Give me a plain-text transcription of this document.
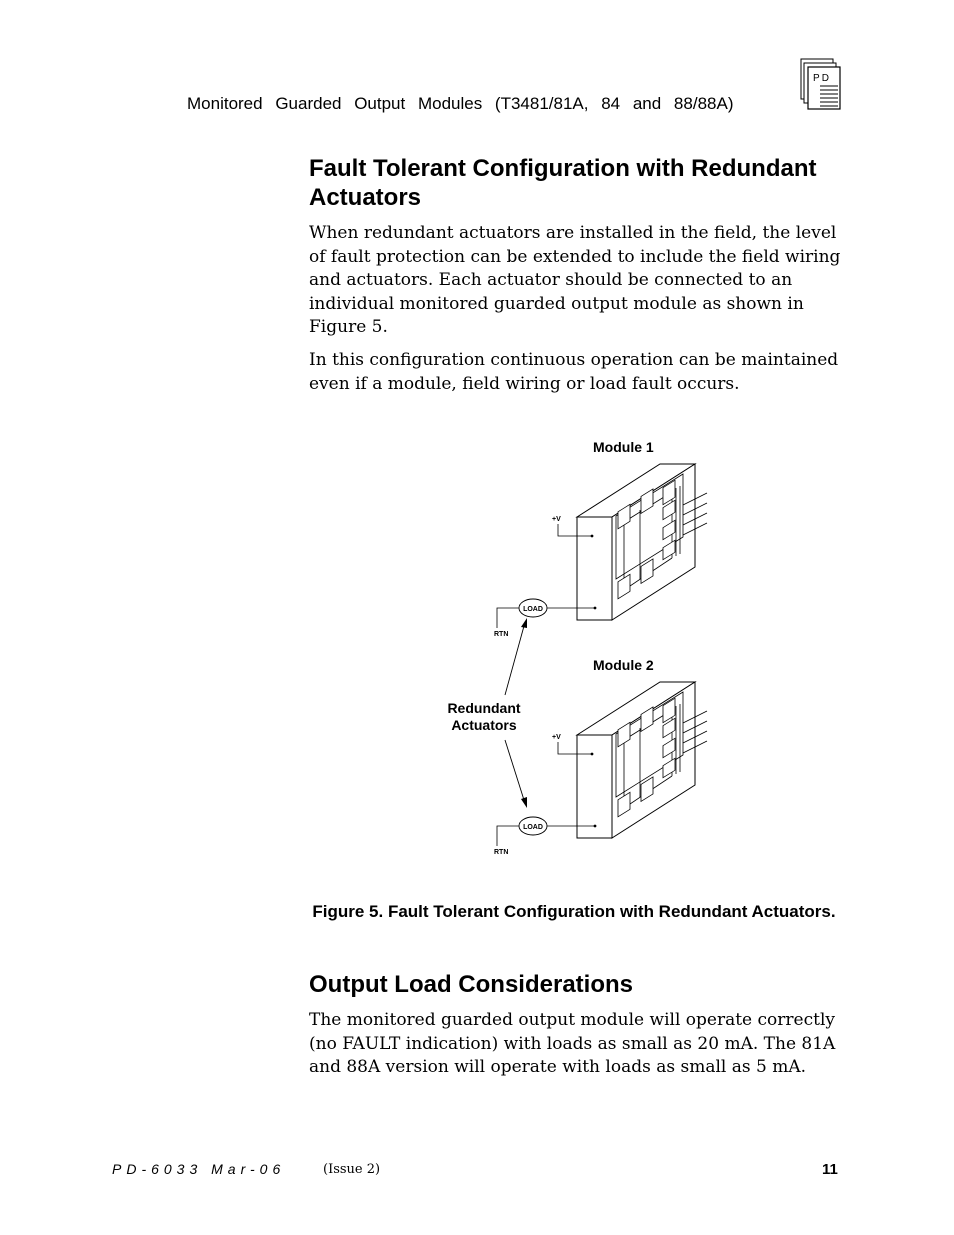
Monitored Guarded Output Modules (T3481/81A, 84 and 88/88A)
PD
Fault Tolerant Configuration with Redundant Actuators
When redundant actuators are installed in the field, the level of fault protection can be extended to include the field wiring and actuators. Each actuator should be connected to an individual monitored guarded output module as shown in Figure 5.
In this configuration continuous operation can be maintained even if a module, field wiring or load fault occurs.
Module 1
+V
LOAD
RTN
Module 2
+V
LOAD
RTN
Redundant
Actuators
Figure 5. Fault Tolerant Configuration with Redundant Actuators.
Output Load Considerations
The monitored guarded output module will operate correctly (no FAULT indication) with loads as small as 20 mA. The 81A and 88A version will operate with loads as small as 5 mA.
PD-6033 Mar-06	(Issue 2)	11
